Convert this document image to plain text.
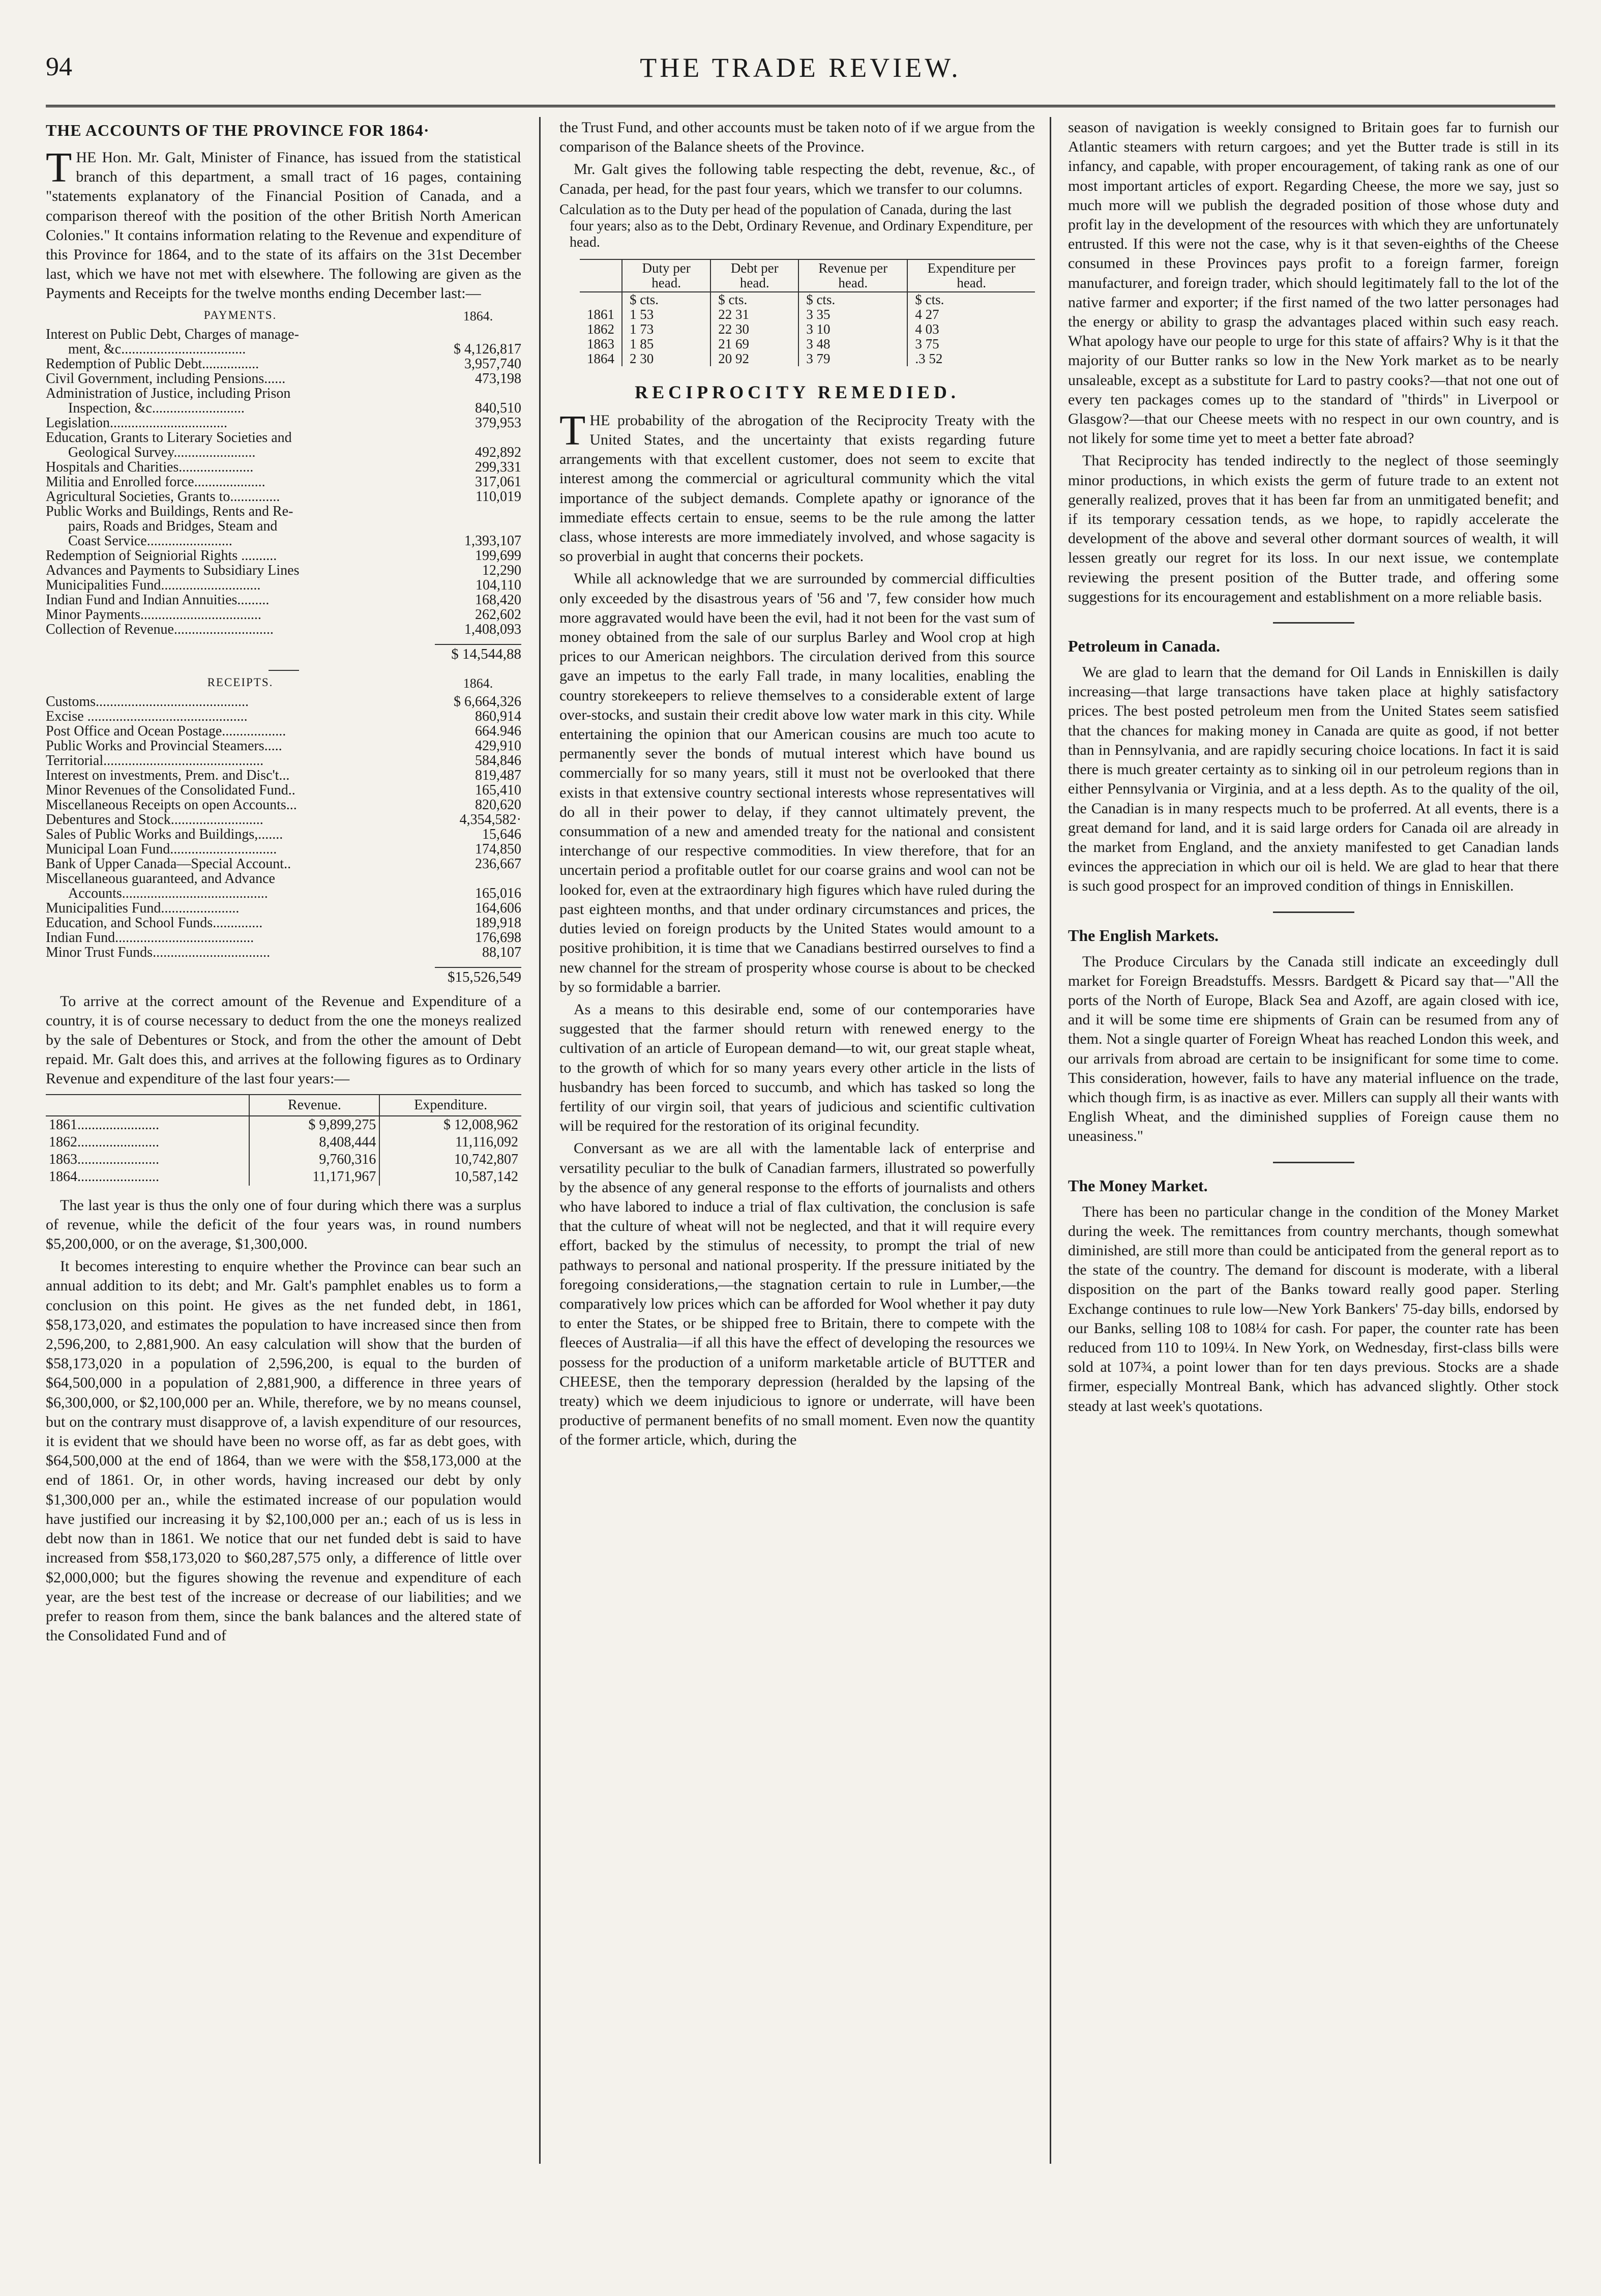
94	THE TRADE REVIEW.
THE ACCOUNTS OF THE PROVINCE FOR 1864·

THE Hon. Mr. Galt, Minister of Finance, has issued from the statistical branch of this department, a small tract of 16 pages, containing "statements explanatory of the Financial Position of Canada, and a comparison thereof with the position of the other British North American Colonies." It contains information relating to the Revenue and expenditure of this Province for 1864, and to the state of its affairs on the 31st December last, which we have not met with elsewhere. The following are given as the Payments and Receipts for the twelve months ending December last:—

PAYMENTS.	1864.
Interest on Public Debt, Charges of manage-
ment, &c...................................	$ 4,126,817
Redemption of Public Debt................	3,957,740
Civil Government, including Pensions......	473,198
Administration of Justice, including Prison
Inspection, &c..........................	840,510
Legislation.................................	379,953
Education, Grants to Literary Societies and
Geological Survey.......................	492,892
Hospitals and Charities.....................	299,331
Militia and Enrolled force....................	317,061
Agricultural Societies, Grants to..............	110,019
Public Works and Buildings, Rents and Re-
pairs, Roads and Bridges, Steam and
Coast Service........................	1,393,107
Redemption of Seigniorial Rights ..........	199,699
Advances and Payments to Subsidiary Lines	12,290
Municipalities Fund............................	104,110
Indian Fund and Indian Annuities.........	168,420
Minor Payments..................................	262,602
Collection of Revenue............................	1,408,093
$ 14,544,88
RECEIPTS.	1864.
Customs...........................................	$ 6,664,326
Excise .............................................	860,914
Post Office and Ocean Postage..................	664.946
Public Works and Provincial Steamers.....	429,910
Territorial.............................................	584,846
Interest on investments, Prem. and Disc't...	819,487
Minor Revenues of the Consolidated Fund..	165,410
Miscellaneous Receipts on open Accounts...	820,620
Debentures and Stock..........................	4,354,582·
Sales of Public Works and Buildings,.......	15,646
Municipal Loan Fund..............................	174,850
Bank of Upper Canada—Special Account..	236,667
Miscellaneous guaranteed, and Advance
Accounts.........................................	165,016
Municipalities Fund......................	164,606
Education, and School Funds..............	189,918
Indian Fund.......................................	176,698
Minor Trust Funds.................................	88,107
$15,526,549

To arrive at the correct amount of the Revenue and Expenditure of a country, it is of course necessary to deduct from the one the moneys realized by the sale of Debentures or Stock, and from the other the amount of Debt repaid. Mr. Galt does this, and arrives at the following figures as to Ordinary Revenue and expenditure of the last four years:—

	Revenue.	Expenditure.
1861.......................	$ 9,899,275	$ 12,008,962
1862.......................	8,408,444	11,116,092
1863.......................	9,760,316	10,742,807
1864.......................	11,171,967	10,587,142

The last year is thus the only one of four during which there was a surplus of revenue, while the deficit of the four years was, in round numbers $5,200,000, or on the average, $1,300,000.

It becomes interesting to enquire whether the Province can bear such an annual addition to its debt; and Mr. Galt's pamphlet enables us to form a conclusion on this point. He gives as the net funded debt, in 1861, $58,173,020, and estimates the population to have increased since then from 2,596,200, to 2,881,900. An easy calculation will show that the burden of $58,173,020 in a population of 2,596,200, is equal to the burden of $64,500,000 in a population of 2,881,900, a difference in three years of $6,300,000, or $2,100,000 per an. While, therefore, we by no means counsel, but on the contrary must disapprove of, a lavish expenditure of our resources, it is evident that we should have been no worse off, as far as debt goes, with $64,500,000 at the end of 1864, than we were with the $58,173,000 at the end of 1861. Or, in other words, having increased our debt by only $1,300,000 per an., while the estimated increase of our population would have justified our increasing it by $2,100,000 per an.; each of us is less in debt now than in 1861. We notice that our net funded debt is said to have increased from $58,173,020 to $60,287,575 only, a difference of little over $2,000,000; but the figures showing the revenue and expenditure of each year, are the best test of the increase or decrease of our liabilities; and we prefer to reason from them, since the bank balances and the altered state of the Consolidated Fund and of

the Trust Fund, and other accounts must be taken noto of if we argue from the comparison of the Balance sheets of the Province.

Mr. Galt gives the following table respecting the debt, revenue, &c., of Canada, per head, for the past four years, which we transfer to our columns.

Calculation as to the Duty per head of the population of Canada, during the last four years; also as to the Debt, Ordinary Revenue, and Ordinary Expenditure, per head.

	Duty per head.	Debt per head.	Revenue per head.	Expenditure per head.
	$ cts.	$ cts.	$ cts.	$ cts.
1861	1 53	22 31	3 35	4 27
1862	1 73	22 30	3 10	4 03
1863	1 85	21 69	3 48	3 75
1864	2 30	20 92	3 79	.3 52
RECIPROCITY REMEDIED.

THE probability of the abrogation of the Reciprocity Treaty with the United States, and the uncertainty that exists regarding future arrangements with that excellent customer, does not seem to excite that interest among the commercial or agricultural community which the vital importance of the subject demands. Complete apathy or ignorance of the immediate effects certain to ensue, seems to be the rule among the latter class, whose interests are more immediately involved, and whose sagacity is so proverbial in aught that concerns their pockets.

While all acknowledge that we are surrounded by commercial difficulties only exceeded by the disastrous years of '56 and '7, few consider how much more aggravated would have been the evil, had it not been for the vast sum of money obtained from the sale of our surplus Barley and Wool crop at high prices to our American neighbors. The circulation derived from this source gave an impetus to the early Fall trade, in many localities, enabling the country storekeepers to relieve themselves to a considerable extent of large over-stocks, and sustain their credit above low water mark in this city. While entertaining the opinion that our American cousins are much too acute to permanently sever the bonds of mutual interest which have bound us commercially for so many years, still it must not be overlooked that there exists in that extensive country sectional interests whose representatives will do all in their power to delay, if they cannot ultimately prevent, the consummation of a new and amended treaty for the national and consistent interchange of our respective commodities. In view therefore, that for an uncertain period a profitable outlet for our coarse grains and wool can not be looked for, even at the extraordinary high figures which have ruled during the past eighteen months, and that under ordinary circumstances and prices, the duties levied on foreign products by the United States would amount to a positive prohibition, it is time that we Canadians bestirred ourselves to find a new channel for the stream of prosperity whose course is about to be checked by so formidable a barrier.

As a means to this desirable end, some of our contemporaries have suggested that the farmer should return with renewed energy to the cultivation of an article of European demand—to wit, our great staple wheat, to the growth of which for so many years every other article in the lists of husbandry has been forced to succumb, and which has tasked so long the fertility of our virgin soil, that years of judicious and scientific cultivation will be required for the restoration of its original fecundity.

Conversant as we are all with the lamentable lack of enterprise and versatility peculiar to the bulk of Canadian farmers, illustrated so powerfully by the absence of any general response to the efforts of journalists and others who have labored to induce a trial of flax cultivation, the conclusion is safe that the culture of wheat will not be neglected, and that it will require every effort, backed by the stimulus of necessity, to prompt the trial of new pathways to personal and national prosperity. If the pressure initiated by the foregoing considerations,—the stagnation certain to rule in Lumber,—the comparatively low prices which can be afforded for Wool whether it pay duty to enter the States, or be shipped free to Britain, there to compete with the fleeces of Australia—if all this have the effect of developing the resources we possess for the production of a uniform marketable article of BUTTER and CHEESE, then the temporary depression (heralded by the lapsing of the treaty) which we deem injudicious to ignore or underrate, will have been productive of permanent benefits of no small moment. Even now the quantity of the former article, which, during the

season of navigation is weekly consigned to Britain goes far to furnish our Atlantic steamers with return cargoes; and yet the Butter trade is still in its infancy, and capable, with proper encouragement, of taking rank as one of our most important articles of export. Regarding Cheese, the more we say, just so much more will we publish the degraded position of those whose duty and profit lay in the development of the resources with which they are unfortunately entrusted. If this were not the case, why is it that seven-eighths of the Cheese consumed in these Provinces pays profit to a foreign farmer, foreign manufacturer, and foreign trader, which should legitimately fall to the lot of the native farmer and exporter; if the first named of the two latter personages had the energy or ability to grasp the advantages placed within such easy reach. What apology have our people to urge for this state of affairs? Why is it that the majority of our Butter ranks so low in the New York market as to be nearly unsaleable, except as a substitute for Lard to pastry cooks?—that not one out of every ten packages comes up to the standard of "thirds" in Liverpool or Glasgow?—that our Cheese meets with no respect in our own country, and is not likely for some time yet to meet a better fate abroad?

That Reciprocity has tended indirectly to the neglect of those seemingly minor productions, in which exists the germ of future trade to an extent not generally realized, proves that it has been far from an unmitigated benefit; and if its temporary cessation tends, as we hope, to rapidly accelerate the development of the above and several other dormant sources of wealth, it will lessen greatly our regret for its loss. In our next issue, we contemplate reviewing the present position of the Butter trade, and offering some suggestions for its encouragement and establishment on a more reliable basis.

Petroleum in Canada.

We are glad to learn that the demand for Oil Lands in Enniskillen is daily increasing—that large transactions have taken place at highly satisfactory prices. The best posted petroleum men from the United States seem satisfied that the chances for making money in Canada are quite as good, if not better than in Pennsylvania, and are rapidly securing choice locations. In fact it is said there is much greater certainty as to sinking oil in our petroleum regions than in either Pennsylvania or Virginia, and at a less depth. As to the quality of the oil, the Canadian is in many respects much to be proferred. At all events, there is a great demand for land, and it is said large orders for Canada oil are already in the market from England, and the anxiety manifested to get Canadian lands evinces the appreciation in which our oil is held. We are glad to hear that there is such good prospect for an improved condition of things in Enniskillen.

The English Markets.

The Produce Circulars by the Canada still indicate an exceedingly dull market for Foreign Breadstuffs. Messrs. Bardgett & Picard say that—"All the ports of the North of Europe, Black Sea and Azoff, are again closed with ice, and it will be some time ere shipments of Grain can be resumed from any of them. Not a single quarter of Foreign Wheat has reached London this week, and our arrivals from abroad are certain to be insignificant for some time to come. This consideration, however, fails to have any material influence on the trade, which though firm, is as inactive as ever. Millers can supply all their wants with English Wheat, and the diminished supplies of Foreign cause them no uneasiness."

The Money Market.

There has been no particular change in the condition of the Money Market during the week. The remittances from country merchants, though somewhat diminished, are still more than could be anticipated from the general report as to the state of the country. The demand for discount is moderate, with a liberal disposition on the part of the Banks toward really good paper. Sterling Exchange continues to rule low—New York Bankers' 75-day bills, endorsed by our Banks, selling 108 to 108¼ for cash. For paper, the counter rate has been reduced from 110 to 109¼. In New York, on Wednesday, first-class bills were sold at 107¾, a point lower than for ten days previous. Stocks are a shade firmer, especially Montreal Bank, which has advanced slightly. Other stock steady at last week's quotations.
